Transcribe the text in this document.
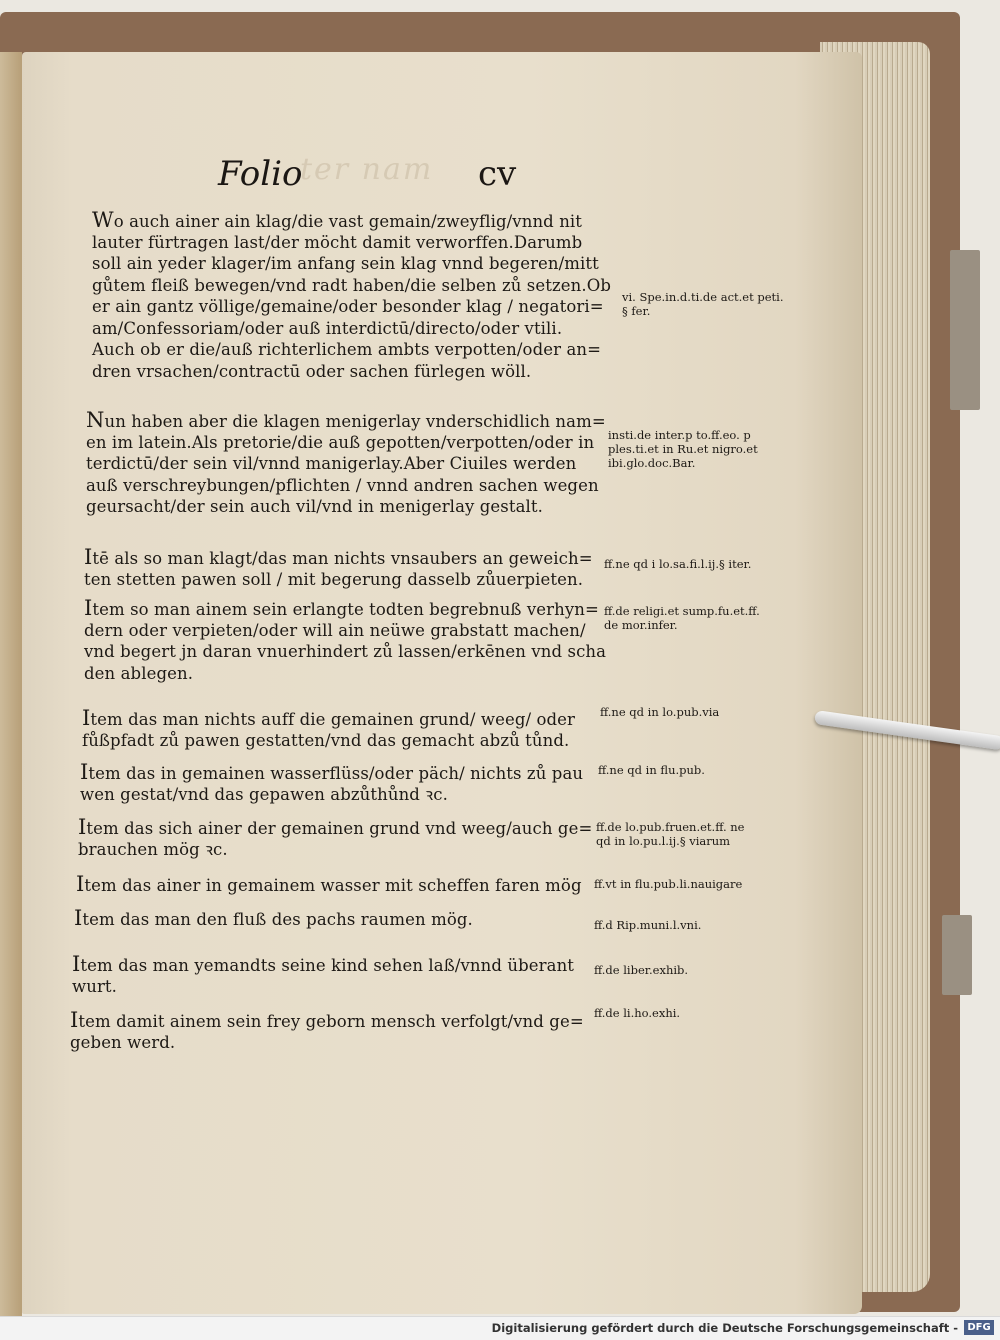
ter nam
Folio	cv
Wo auch ainer ain klag/die vast gemain/zweyflig/vnnd nit
lauter fürtragen last/der möcht damit verworffen.Darumb
soll ain yeder klager/im anfang sein klag vnnd begeren/mitt
gůtem fleiß bewegen/vnd radt haben/die selben zů setzen.Ob
er ain gantz völlige/gemaine/oder besonder klag / negatori=
am/Confessoriam/oder auß interdictū/directo/oder vtili.
Auch ob er die/auß richterlichem ambts verpotten/oder an=
dren vrsachen/contractū oder sachen fürlegen wöll.
vi. Spe.in.d.ti.de act.et peti.
§ fer.
Nun haben aber die klagen menigerlay vnderschidlich nam=
en im latein.Als pretorie/die auß gepotten/verpotten/oder in
terdictū/der sein vil/vnnd manigerlay.Aber Ciuiles werden
auß verschreybungen/pflichten / vnnd andren sachen wegen
geursacht/der sein auch vil/vnd in menigerlay gestalt.
insti.de inter.p to.ff.eo. p
ples.ti.et in Ru.et nigro.et
ibi.glo.doc.Bar.
Itē als so man klagt/das man nichts vnsaubers an geweich=
ten stetten pawen soll / mit begerung dasselb zůuerpieten.
ff.ne qd i lo.sa.fi.l.ij.§ iter.
Item so man ainem sein erlangte todten begrebnuß verhyn=
dern oder verpieten/oder will ain neüwe grabstatt machen/
vnd begert jn daran vnuerhindert zů lassen/erkēnen vnd scha
den ablegen.
ff.de religi.et sump.fu.et.ff.
de mor.infer.
Item das man nichts auff die gemainen grund/ weeg/ oder
fůßpfadt zů pawen gestatten/vnd das gemacht abzů tůnd.
ff.ne qd in lo.pub.via
Item das in gemainen wasserflüss/oder päch/ nichts zů pau
wen gestat/vnd das gepawen abzůthůnd ꝛc.
ff.ne qd in flu.pub.
Item das sich ainer der gemainen grund vnd weeg/auch ge=
brauchen mög ꝛc.
ff.de lo.pub.fruen.et.ff. ne
qd in lo.pu.l.ij.§ viarum
Item das ainer in gemainem wasser mit scheffen faren mög ff.vt in flu.pub.li.nauigare
Item das man den fluß des pachs raumen mög.	ff.d Rip.muni.l.vni.
Item das man yemandts seine kind sehen laß/vnnd überant
wurt.
ff.de liber.exhib.
Item damit ainem sein frey geborn mensch verfolgt/vnd ge=
geben werd.
ff.de li.ho.exhi.
Digitalisierung gefördert durch die Deutsche Forschungsgemeinschaft - DFG
